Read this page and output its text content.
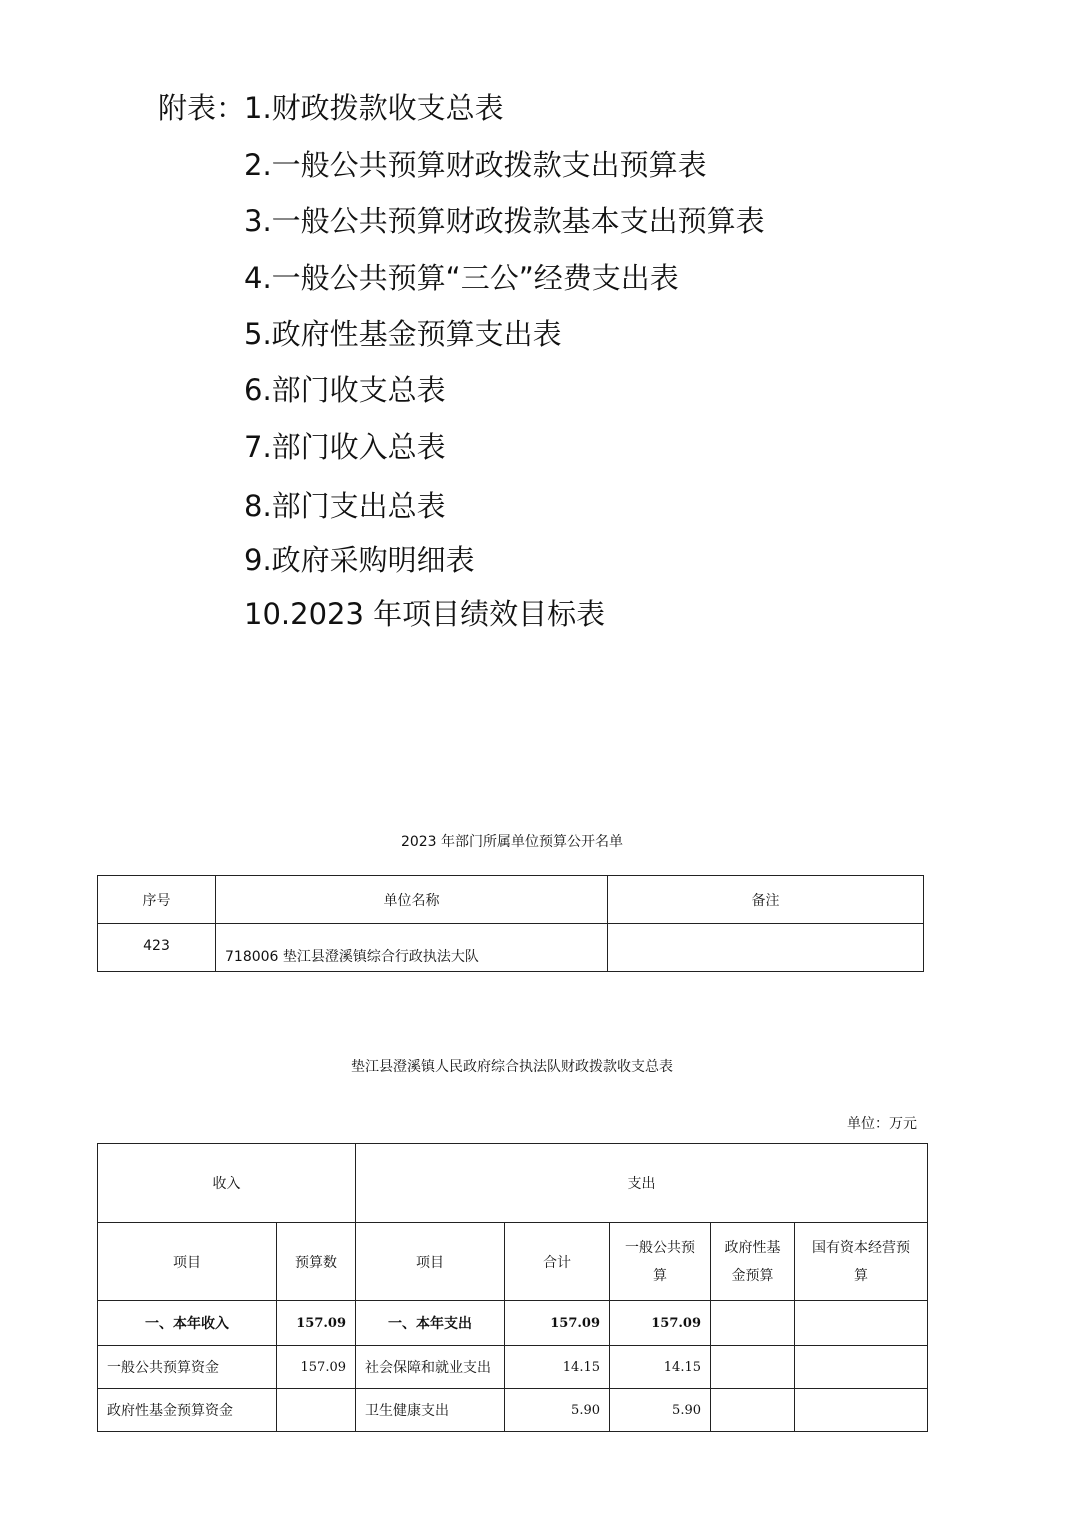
附表：
1.财政拨款收支总表
2.一般公共预算财政拨款支出预算表
3.一般公共预算财政拨款基本支出预算表
4.一般公共预算“三公”经费支出表
5.政府性基金预算支出表
6.部门收支总表
7.部门收入总表
8.部门支出总表
9.政府采购明细表
10.2023 年项目绩效目标表
2023 年部门所属单位预算公开名单
序号	单位名称	备注
423	718006 垫江县澄溪镇综合行政执法大队	
垫江县澄溪镇人民政府综合执法队财政拨款收支总表
单位：万元
收入		支出				
项目	预算数	项目	合计	一般公共预算	政府性基金预算	国有资本经营预算
一、本年收入	157.09	一、本年支出	157.09	157.09		
一般公共预算资金	157.09	社会保障和就业支出	14.15	14.15		
政府性基金预算资金		卫生健康支出	5.90	5.90		
